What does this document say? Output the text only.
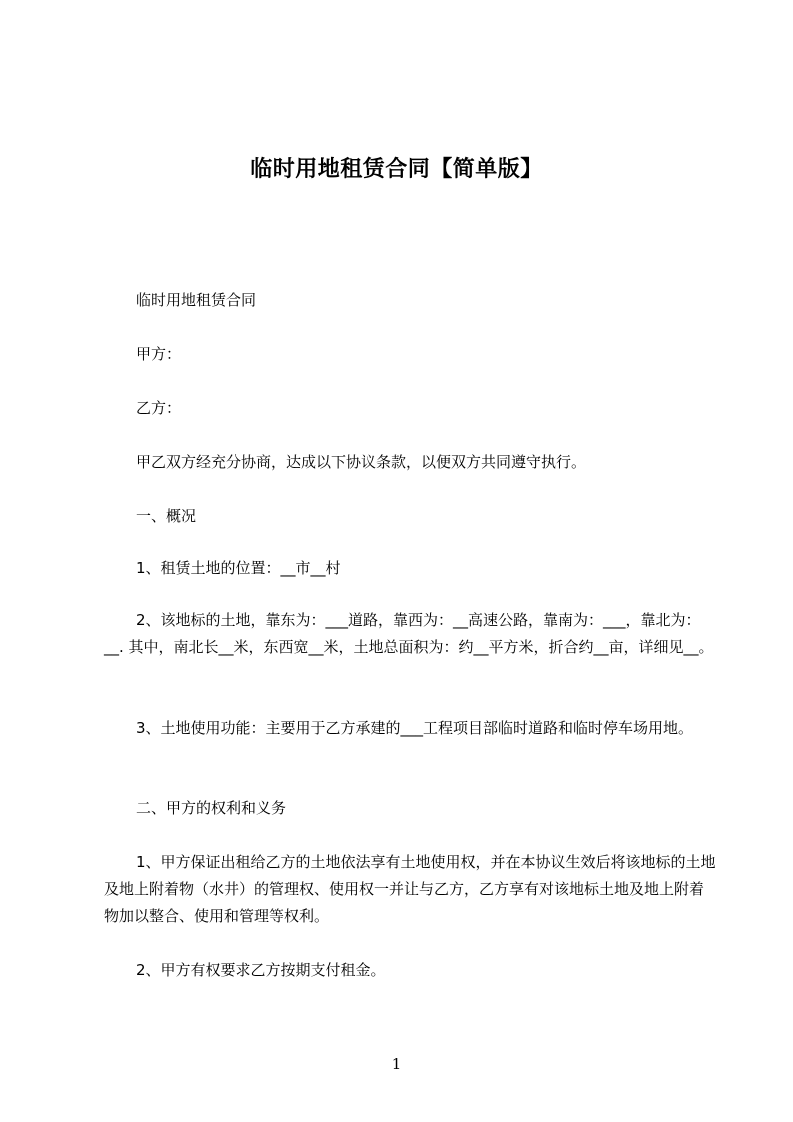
临时用地租赁合同【简单版】

临时用地租赁合同

甲方：

乙方：

甲乙双方经充分协商，达成以下协议条款，以便双方共同遵守执行。

一、概况

1、租赁土地的位置：__市__村

2、该地标的土地，靠东为：___道路，靠西为：__高速公路，靠南为：___，靠北为：__. 其中，南北长__米，东西宽__米，土地总面积为：约__平方米，折合约__亩，详细见__。

3、土地使用功能：主要用于乙方承建的___工程项目部临时道路和临时停车场用地。

二、甲方的权利和义务

1、甲方保证出租给乙方的土地依法享有土地使用权，并在本协议生效后将该地标的土地及地上附着物（水井）的管理权、使用权一并让与乙方，乙方享有对该地标土地及地上附着物加以整合、使用和管理等权利。

2、甲方有权要求乙方按期支付租金。

1
